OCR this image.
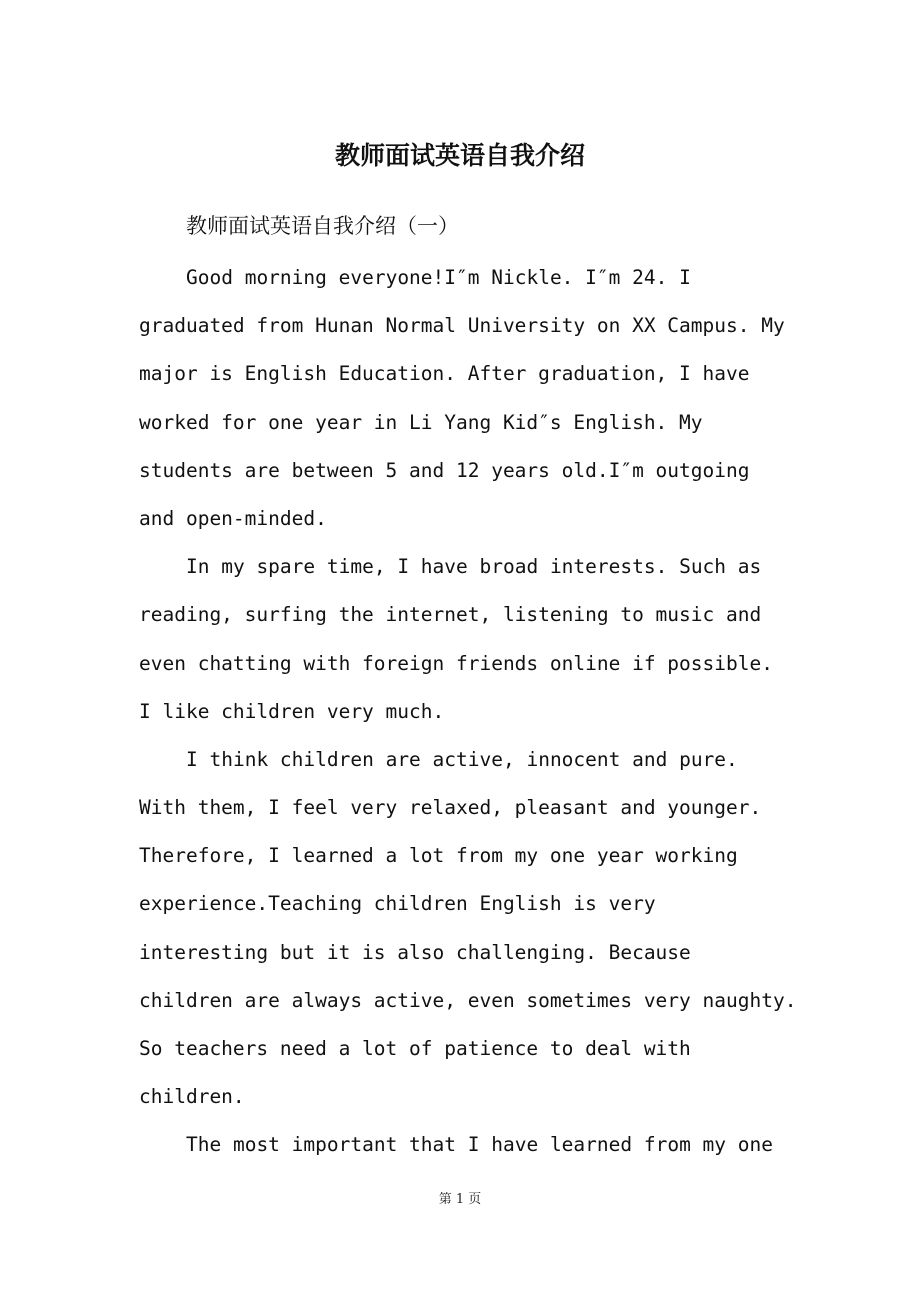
教师面试英语自我介绍
教师面试英语自我介绍（一）
Good morning everyone!I″m Nickle. I″m 24. I
graduated from Hunan Normal University on XX Campus. My
major is English Education. After graduation, I have
worked for one year in Li Yang Kid″s English. My
students are between 5 and 12 years old.I″m outgoing
and open-minded.
In my spare time, I have broad interests. Such as
reading, surfing the internet, listening to music and
even chatting with foreign friends online if possible.
I like children very much.
I think children are active, innocent and pure.
With them, I feel very relaxed, pleasant and younger.
Therefore, I learned a lot from my one year working
experience.Teaching children English is very
interesting but it is also challenging. Because
children are always active, even sometimes very naughty.
So teachers need a lot of patience to deal with
children.
The most important that I have learned from my one
第 1 页
